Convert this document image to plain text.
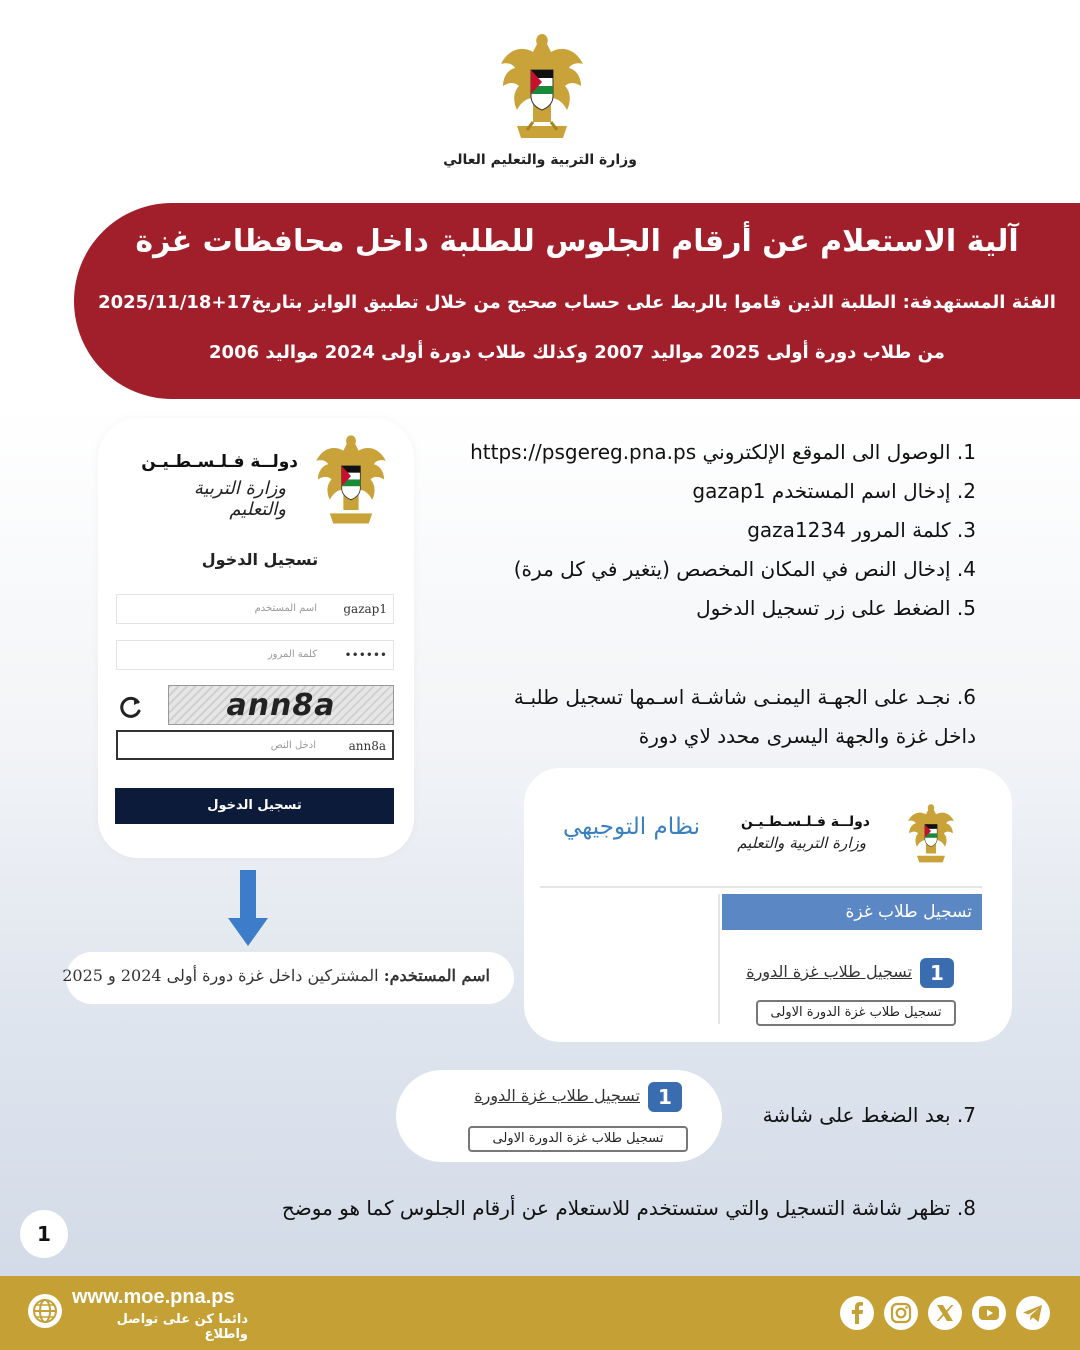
وزارة التربية والتعليم العالي
آلية الاستعلام عن أرقام الجلوس للطلبة داخل محافظات غزة
الفئة المستهدفة: الطلبة الذين قاموا بالربط على حساب صحيح من خلال تطبيق الوايز بتاريخ17+2025/11/18
من طلاب دورة أولى 2025 مواليد 2007 وكذلك طلاب دورة أولى 2024 مواليد 2006
دولــة فـلـسـطـيـن
وزارة التربية والتعليم
تسجيل الدخول
gazap1
اسم المستخدم
••••••
كلمة المرور
ann8a
ann8a
ادخل النص
تسجيل الدخول
اسم المستخدم: المشتركين داخل غزة دورة أولى 2024 و 2025
1. الوصول الى الموقع الإلكتروني https://psgereg.pna.ps
2. إدخال اسم المستخدم gazap1
3. كلمة المرور gaza1234
4. إدخال النص في المكان المخصص (يتغير في كل مرة)
5. الضغط على زر تسجيل الدخول
6. نجـد على الجهـة اليمنـى شاشـة اسـمها تسجيل طلبـة
داخل غزة والجهة اليسرى محدد لاي دورة
دولــة فـلـسـطـيـن
وزارة التربية والتعليم
نظام التوجيهي
تسجيل طلاب غزة
1
تسجيل طلاب غزة الدورة
تسجيل طلاب غزة الدورة الاولى
1
تسجيل طلاب غزة الدورة
تسجيل طلاب غزة الدورة الاولى
7. بعد الضغط على شاشة
8. تظهر شاشة التسجيل والتي ستستخدم للاستعلام عن أرقام الجلوس كما هو موضح
1
www.moe.pna.ps
دائما كن على تواصل واطلاع
